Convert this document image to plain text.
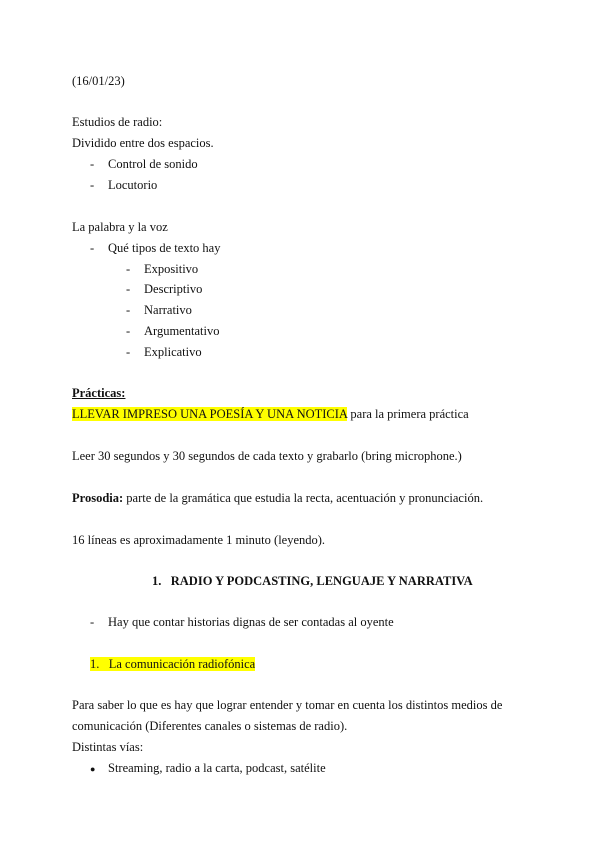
(16/01/23)
Estudios de radio:
Dividido entre dos espacios.
- Control de sonido
- Locutorio
La palabra y la voz
- Qué tipos de texto hay
- Expositivo
- Descriptivo
- Narrativo
- Argumentativo
- Explicativo
Prácticas:
LLEVAR IMPRESO UNA POESÍA Y UNA NOTICIA para la primera práctica
Leer 30 segundos y 30 segundos de cada texto y grabarlo (bring microphone.)
Prosodia: parte de la gramática que estudia la recta, acentuación y pronunciación.
16 líneas es aproximadamente 1 minuto (leyendo).
1. RADIO Y PODCASTING, LENGUAJE Y NARRATIVA
- Hay que contar historias dignas de ser contadas al oyente
1. La comunicación radiofónica
Para saber lo que es hay que lograr entender y tomar en cuenta los distintos medios de
comunicación (Diferentes canales o sistemas de radio).
Distintas vías:
● Streaming, radio a la carta, podcast, satélite
